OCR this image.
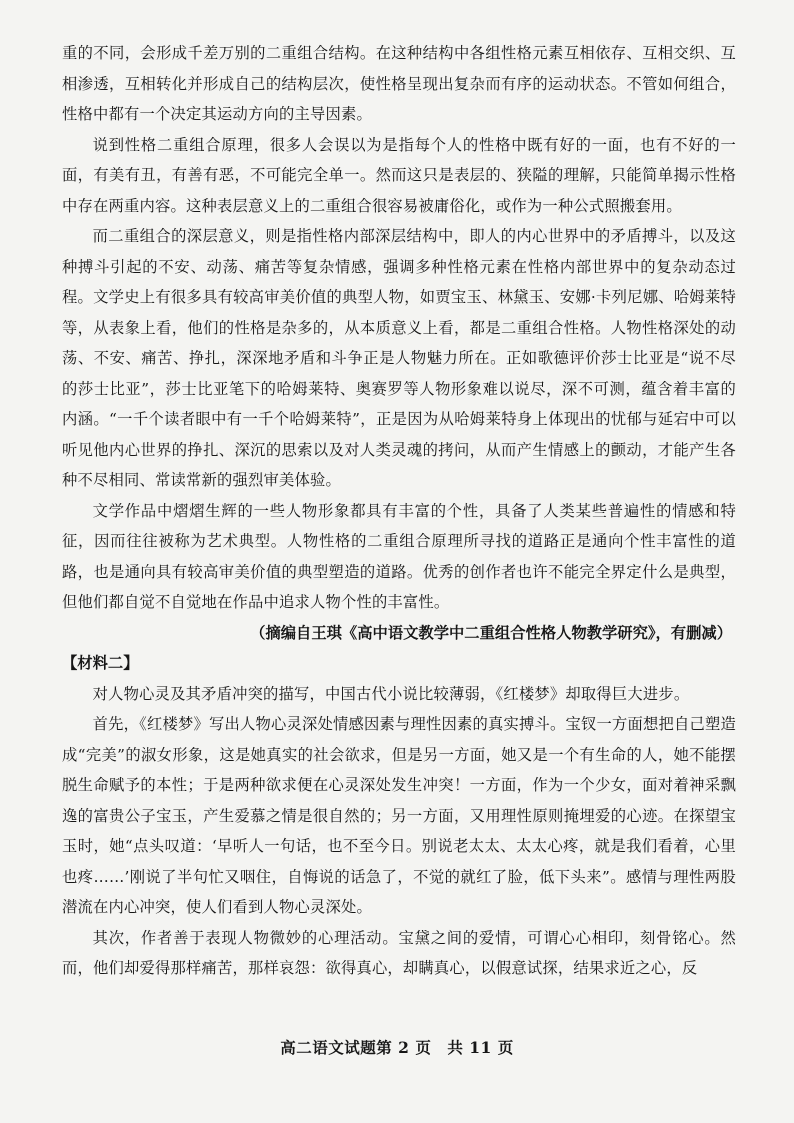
重的不同，会形成千差万别的二重组合结构。在这种结构中各组性格元素互相依存、互相交织、互相渗透，互相转化并形成自己的结构层次，使性格呈现出复杂而有序的运动状态。不管如何组合，性格中都有一个决定其运动方向的主导因素。

说到性格二重组合原理，很多人会误以为是指每个人的性格中既有好的一面，也有不好的一面，有美有丑，有善有恶，不可能完全单一。然而这只是表层的、狭隘的理解，只能简单揭示性格中存在两重内容。这种表层意义上的二重组合很容易被庸俗化，或作为一种公式照搬套用。

而二重组合的深层意义，则是指性格内部深层结构中，即人的内心世界中的矛盾搏斗，以及这种搏斗引起的不安、动荡、痛苦等复杂情感，强调多种性格元素在性格内部世界中的复杂动态过程。文学史上有很多具有较高审美价值的典型人物，如贾宝玉、林黛玉、安娜·卡列尼娜、哈姆莱特等，从表象上看，他们的性格是杂多的，从本质意义上看，都是二重组合性格。人物性格深处的动荡、不安、痛苦、挣扎，深深地矛盾和斗争正是人物魅力所在。正如歌德评价莎士比亚是“说不尽的莎士比亚”，莎士比亚笔下的哈姆莱特、奥赛罗等人物形象难以说尽，深不可测，蕴含着丰富的内涵。“一千个读者眼中有一千个哈姆莱特”，正是因为从哈姆莱特身上体现出的忧郁与延宕中可以听见他内心世界的挣扎、深沉的思索以及对人类灵魂的拷问，从而产生情感上的颤动，才能产生各种不尽相同、常读常新的强烈审美体验。

文学作品中熠熠生辉的一些人物形象都具有丰富的个性，具备了人类某些普遍性的情感和特征，因而往往被称为艺术典型。人物性格的二重组合原理所寻找的道路正是通向个性丰富性的道路，也是通向具有较高审美价值的典型塑造的道路。优秀的创作者也许不能完全界定什么是典型，但他们都自觉不自觉地在作品中追求人物个性的丰富性。

（摘编自王琪《高中语文教学中二重组合性格人物教学研究》，有删减）

【材料二】

对人物心灵及其矛盾冲突的描写，中国古代小说比较薄弱，《红楼梦》却取得巨大进步。

首先，《红楼梦》写出人物心灵深处情感因素与理性因素的真实搏斗。宝钗一方面想把自己塑造成“完美”的淑女形象，这是她真实的社会欲求，但是另一方面，她又是一个有生命的人，她不能摆脱生命赋予的本性；于是两种欲求便在心灵深处发生冲突！一方面，作为一个少女，面对着神采飘逸的富贵公子宝玉，产生爱慕之情是很自然的；另一方面，又用理性原则掩埋爱的心迹。在探望宝玉时，她“点头叹道：‘早听人一句话，也不至今日。别说老太太、太太心疼，就是我们看着，心里也疼……’刚说了半句忙又咽住，自悔说的话急了，不觉的就红了脸，低下头来”。感情与理性两股潜流在内心冲突，使人们看到人物心灵深处。

其次，作者善于表现人物微妙的心理活动。宝黛之间的爱情，可谓心心相印，刻骨铭心。然而，他们却爱得那样痛苦，那样哀怨：欲得真心，却瞒真心，以假意试探，结果求近之心，反

高二语文试题第 2 页　共 11 页
